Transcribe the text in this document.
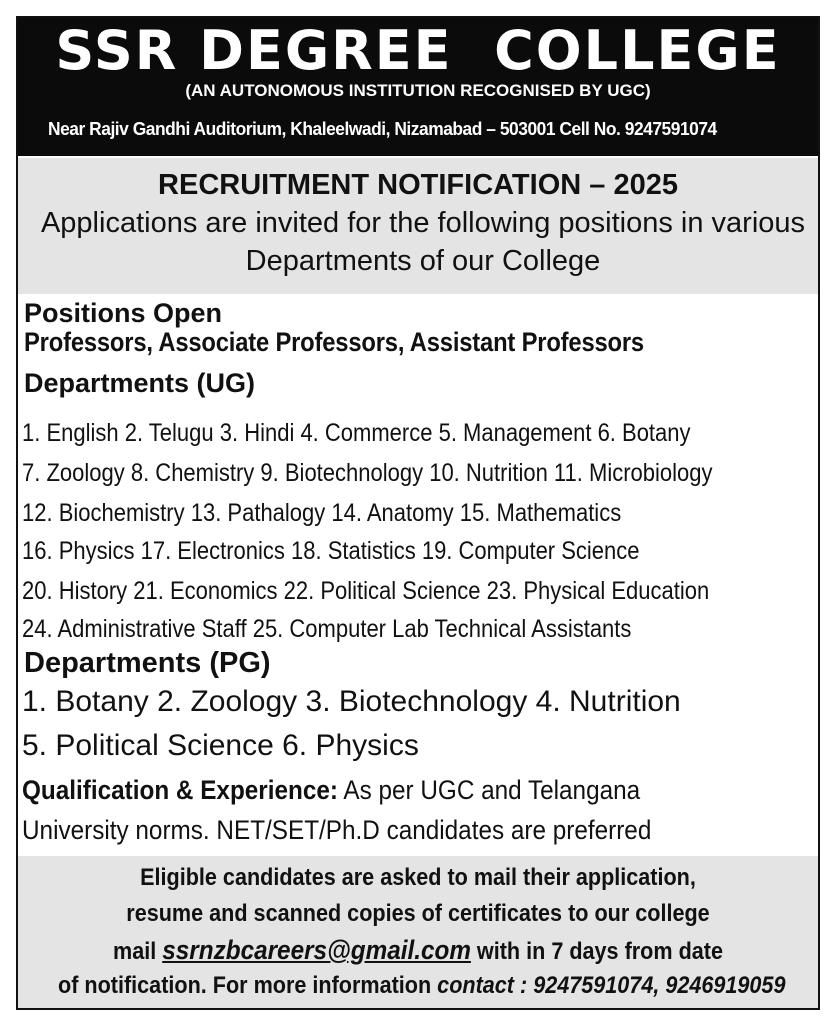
SSR DEGREE  COLLEGE
(AN AUTONOMOUS INSTITUTION RECOGNISED BY UGC)
Near Rajiv Gandhi Auditorium, Khaleelwadi, Nizamabad – 503001 Cell No. 9247591074
RECRUITMENT NOTIFICATION – 2025
Applications are invited for the following positions in various
Departments of our College
Positions Open
Professors, Associate Professors, Assistant Professors
Departments (UG)
1. English 2. Telugu 3. Hindi 4. Commerce 5. Management 6. Botany
7. Zoology 8. Chemistry 9. Biotechnology 10. Nutrition 11. Microbiology
12. Biochemistry 13. Pathalogy 14. Anatomy 15. Mathematics
16. Physics 17. Electronics 18. Statistics 19. Computer Science
20. History 21. Economics 22. Political Science 23. Physical Education
24. Administrative Staff 25. Computer Lab Technical Assistants
Departments (PG)
1. Botany 2. Zoology 3. Biotechnology 4. Nutrition
5. Political Science 6. Physics
Qualification & Experience: As per UGC and Telangana
University norms. NET/SET/Ph.D candidates are preferred
Eligible candidates are asked to mail their application,
resume and scanned copies of certificates to our college
mail ssrnzbcareers@gmail.com with in 7 days from date
of notification. For more information contact : 9247591074, 9246919059
